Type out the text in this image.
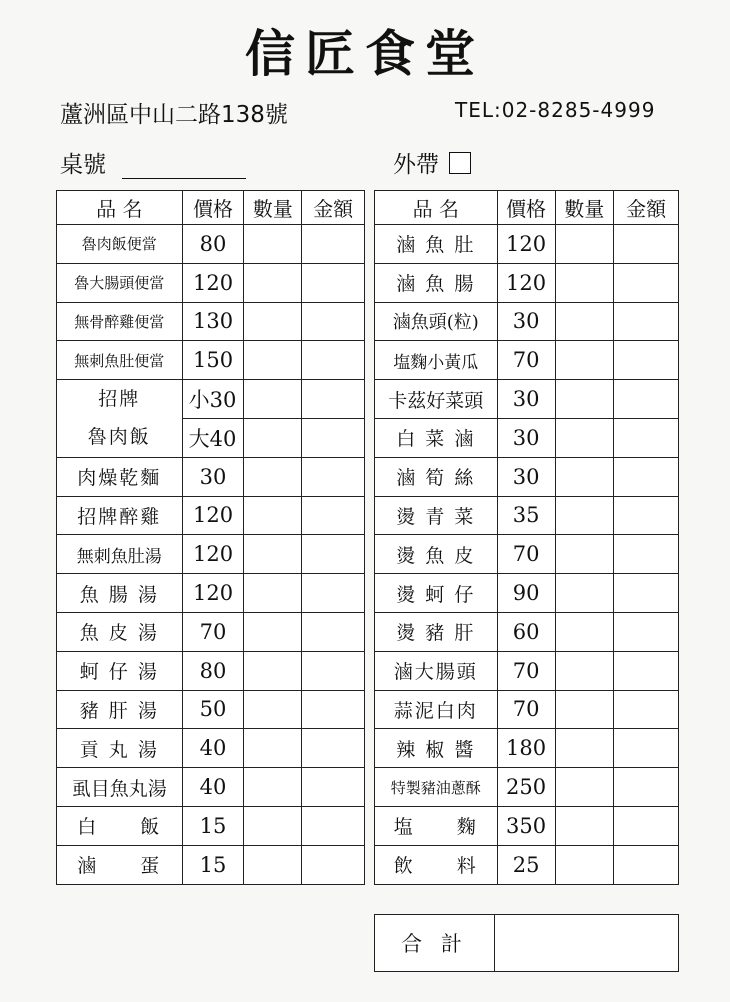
信匠食堂
蘆洲區中山二路138號	TEL:02-8285-4999
桌號	外帶
品 名	價格	數量	金額
魯肉飯便當	80		
魯大腸頭便當	120		
無骨醉雞便當	130		
無刺魚肚便當	150		

招牌
魯肉飯	小30		
	大40		
肉燥乾麵	30		
招牌醉雞	120		
無刺魚肚湯	120		
魚 腸 湯	120		
魚 皮 湯	70		
蚵 仔 湯	80		
豬 肝 湯	50		
貢 丸 湯	40		
虱目魚丸湯	40		
白　　飯	15		
滷　　蛋	15		
品 名	價格	數量	金額
滷 魚 肚	120		
滷 魚 腸	120		
滷魚頭(粒)	30		
塩麴小黃瓜	70		
卡茲好菜頭	30		
白 菜 滷	30		
滷 筍 絲	30		
燙 青 菜	35		
燙 魚 皮	70		
燙 蚵 仔	90		
燙 豬 肝	60		
滷大腸頭	70		
蒜泥白肉	70		
辣 椒 醬	180		
特製豬油蔥酥	250		
塩　　麴	350		
飲　　料	25		
合 計
